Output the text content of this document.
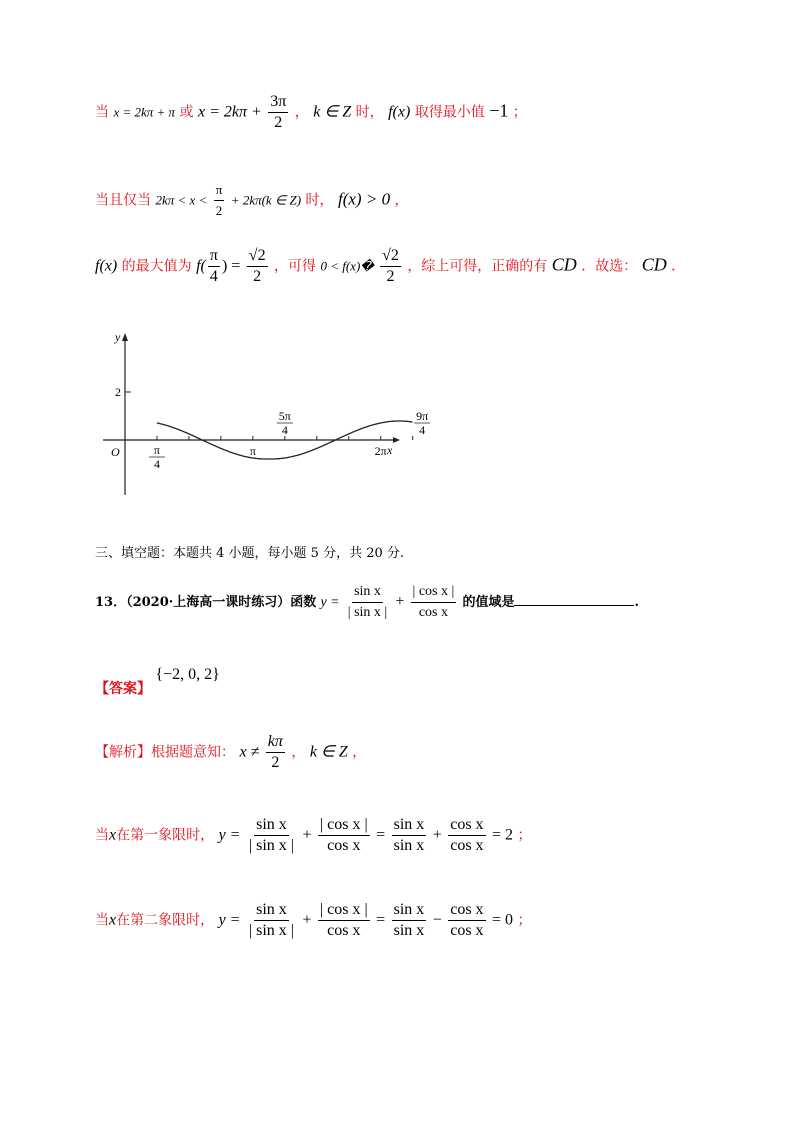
当 x = 2kπ + π 或 $x = 2k\pi + \frac{3\pi}{2}$ ， k ∈ Z 时， f(x) 取得最小值 −1 ；
当且仅当 $2k\pi < x < \frac{\pi}{2} + 2k\pi(k$ ∈ Z) 时， f(x) > 0 ，
f(x) 的最大值为 $f( \frac{\pi}{4}$ ) = $\frac{√2}{2}$ ，可得 0 < f(x)� $\frac{√2}{2}$ ，综上可得，正确的有 CD ．故选： CD ．
x
y
O
2
π
4
π
5π
4
2π
9π
4
三、填空题：本题共 4 小题，每小题 5 分，共 20 分.
13．（2020·上海高一课时练习）函数 $y = \frac{\text{sin x}}{\text{| sin x |}} + \frac{\text{| cos x |}}{\text{cos x}}$ 的值域是	.
【答案】 {−2, 0, 2}
【解析】根据题意知： $x \ne \frac{k\pi}{2}$ ， k ∈ Z ，
当x在第一象限时， $y = \frac{\text{sin x}}{\text{| sin x |}} + \frac{\text{| cos x |}}{\text{cos x}} = \frac{\text{sin x}}{\text{sin x}} + \frac{\text{cos x}}{\text{cos x}} = 2$ ；
当x在第二象限时， $y = \frac{\text{sin x}}{\text{| sin x |}} + \frac{\text{| cos x |}}{\text{cos x}} = \frac{\text{sin x}}{\text{sin x}} - \frac{\text{cos x}}{\text{cos x}} = 0$ ；
